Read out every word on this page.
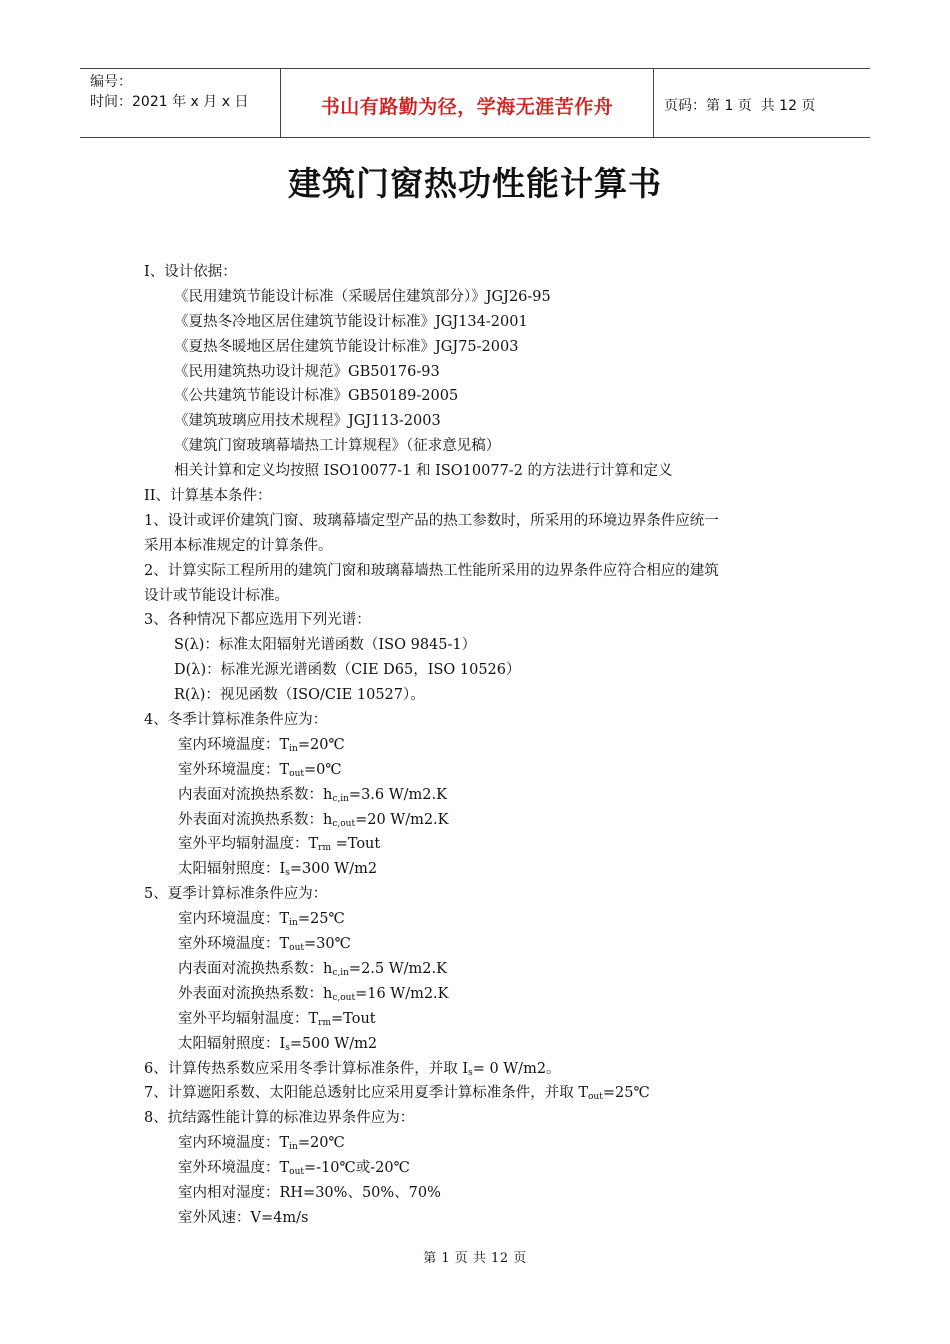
编号：
时间：2021 年 x 月 x 日	书山有路勤为径，学海无涯苦作舟	页码：第 1 页  共 12 页
建筑门窗热功性能计算书
I、设计依据：
《民用建筑节能设计标准（采暖居住建筑部分）》JGJ26-95
《夏热冬冷地区居住建筑节能设计标准》JGJ134-2001
《夏热冬暖地区居住建筑节能设计标准》JGJ75-2003
《民用建筑热功设计规范》GB50176-93
《公共建筑节能设计标准》GB50189-2005
《建筑玻璃应用技术规程》JGJ113-2003
《建筑门窗玻璃幕墙热工计算规程》（征求意见稿）
相关计算和定义均按照 ISO10077-1 和 ISO10077-2 的方法进行计算和定义
II、计算基本条件：
1、设计或评价建筑门窗、玻璃幕墙定型产品的热工参数时，所采用的环境边界条件应统一
采用本标准规定的计算条件。
2、计算实际工程所用的建筑门窗和玻璃幕墙热工性能所采用的边界条件应符合相应的建筑
设计或节能设计标准。
3、各种情况下都应选用下列光谱：
S(λ)：标准太阳辐射光谱函数（ISO 9845-1）
D(λ)：标准光源光谱函数（CIE D65，ISO 10526）
R(λ)：视见函数（ISO/CIE 10527）。
4、冬季计算标准条件应为：
室内环境温度：$T_{in}=20℃$
室外环境温度：$T_{out}=0℃$
内表面对流换热系数：$h_{c,in}=3.6$ W/m2.K
外表面对流换热系数：$h_{c,out}=20$ W/m2.K
室外平均辐射温度：$T_{rm}$ =Tout
太阳辐射照度：$I_s=300$ W/m2
5、夏季计算标准条件应为：
室内环境温度：$T_{in}=25℃$
室外环境温度：$T_{out}=30℃$
内表面对流换热系数：$h_{c,in}=2.5$ W/m2.K
外表面对流换热系数：$h_{c,out}=16$ W/m2.K
室外平均辐射温度：$T_{rm}=Tout$
太阳辐射照度：$I_s=500$ W/m2
6、计算传热系数应采用冬季计算标准条件，并取 $I_s= 0$ W/m2。
7、计算遮阳系数、太阳能总透射比应采用夏季计算标准条件，并取 $T_{out}=25℃$
8、抗结露性能计算的标准边界条件应为：
室内环境温度：$T_{in}=20℃$
室外环境温度：$T_{out}=-10℃$或-20℃
室内相对湿度：RH=30%、50%、70%
室外风速：V=4m/s
第 1 页 共 12 页
